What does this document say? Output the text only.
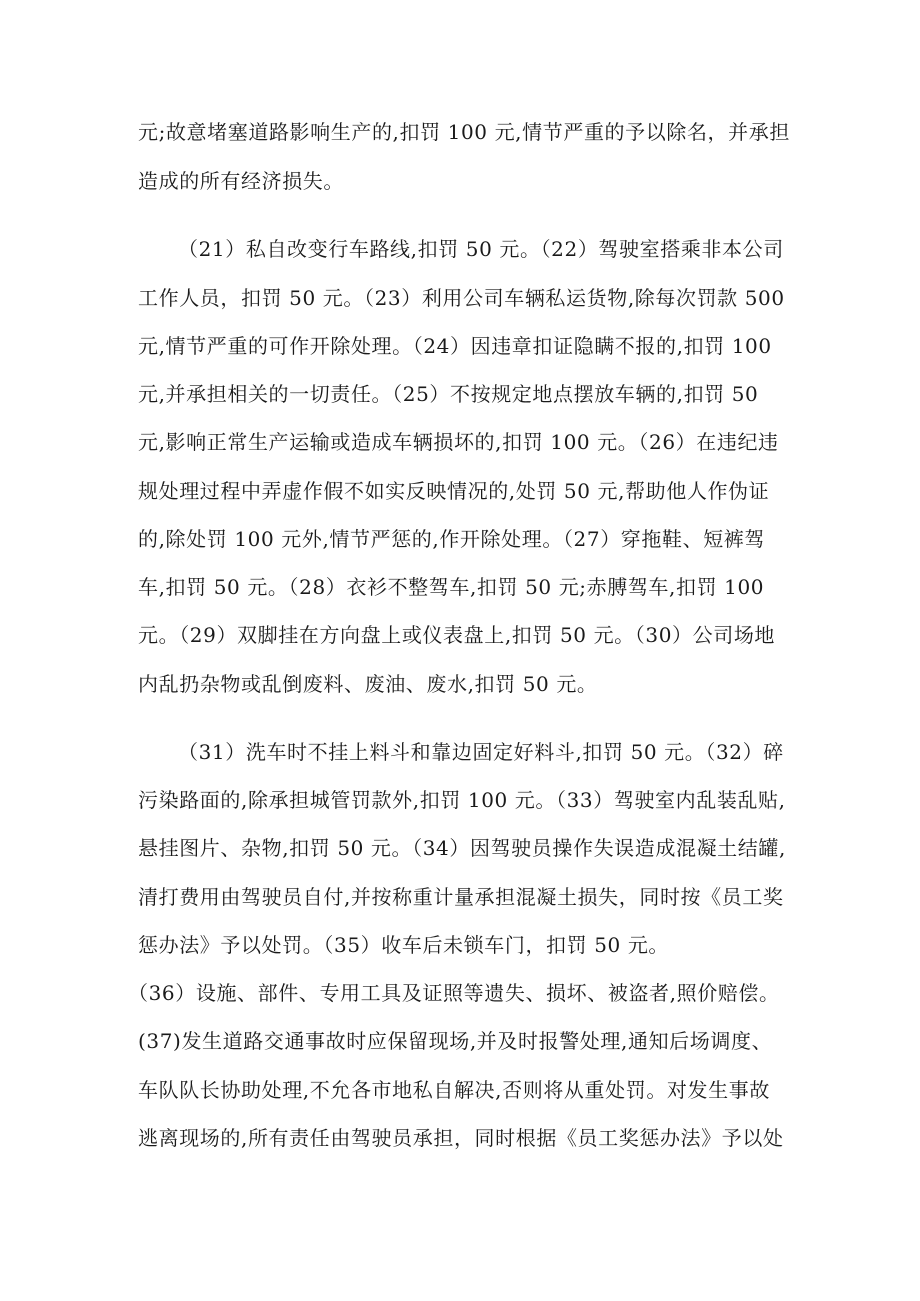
元;故意堵塞道路影响生产的,扣罚 100 元,情节严重的予以除名，并承担
造成的所有经济损失。
（21）私自改变行车路线,扣罚 50 元。（22）驾驶室搭乘非本公司
工作人员，扣罚 50 元。（23）利用公司车辆私运货物,除每次罚款 500
元,情节严重的可作开除处理。（24）因违章扣证隐瞒不报的,扣罚 100
元,并承担相关的一切责任。（25）不按规定地点摆放车辆的,扣罚 50
元,影响正常生产运输或造成车辆损坏的,扣罚 100 元。（26）在违纪违
规处理过程中弄虚作假不如实反映情况的,处罚 50 元,帮助他人作伪证
的,除处罚 100 元外,情节严惩的,作开除处理。（27）穿拖鞋、短裤驾
车,扣罚 50 元。（28）衣衫不整驾车,扣罚 50 元;赤膊驾车,扣罚 100
元。（29）双脚挂在方向盘上或仪表盘上,扣罚 50 元。（30）公司场地
内乱扔杂物或乱倒废料、废油、废水,扣罚 50 元。
（31）洗车时不挂上料斗和靠边固定好料斗,扣罚 50 元。（32）碎
污染路面的,除承担城管罚款外,扣罚 100 元。（33）驾驶室内乱装乱贴,
悬挂图片、杂物,扣罚 50 元。（34）因驾驶员操作失误造成混凝土结罐,
清打费用由驾驶员自付,并按称重计量承担混凝土损失，同时按《员工奖
惩办法》予以处罚。（35）收车后未锁车门，扣罚 50 元。
（36）设施、部件、专用工具及证照等遗失、损坏、被盗者,照价赔偿。
(37)发生道路交通事故时应保留现场,并及时报警处理,通知后场调度、
车队队长协助处理,不允各市地私自解决,否则将从重处罚。对发生事故
逃离现场的,所有责任由驾驶员承担，同时根据《员工奖惩办法》予以处
